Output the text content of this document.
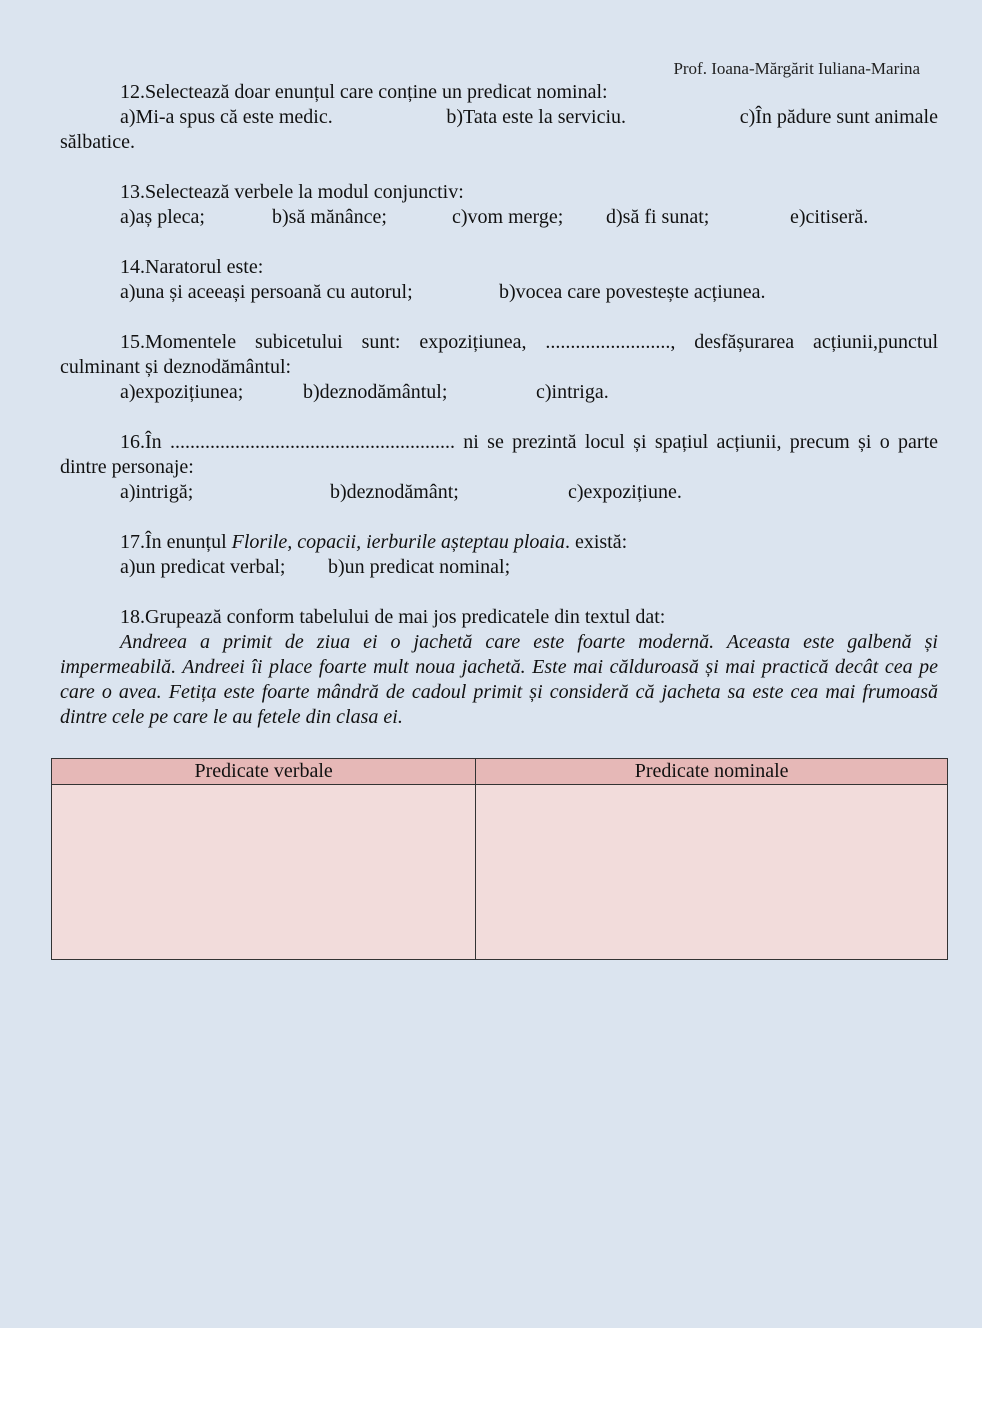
Prof. Ioana-Mărgărit Iuliana-Marina

12.Selectează doar enunțul care conține un predicat nominal:

a)Mi-a spus că este medic.	b)Tata este la serviciu.	c)În pădure sunt animale

sălbatice.

13.Selectează verbele la modul conjunctiv:

a)aș pleca;	b)să mănânce;	c)vom merge;	d)să fi sunat;	e)citiseră.

14.Naratorul este:

a)una și aceeași persoană cu autorul;	b)vocea care povestește acțiunea.

15.Momentele subicetului sunt: expozițiunea, ........................., desfășurarea acțiunii,punctul culminant și deznodământul:

a)expozițiunea;	b)deznodământul;	c)intriga.

16.În ......................................................... ni se prezintă locul și spațiul acțiunii, precum și o parte dintre personaje:

a)intrigă;	b)deznodământ;	c)expozițiune.

17.În enunțul Florile, copacii, ierburile așteptau ploaia. există:

a)un predicat verbal;	b)un predicat nominal;

18.Grupează conform tabelului de mai jos predicatele din textul dat:

Andreea a primit de ziua ei o jachetă care este foarte modernă. Aceasta este galbenă și impermeabilă. Andreei îi place foarte mult noua jachetă. Este mai călduroasă și mai practică decât cea pe care o avea. Fetița este foarte mândră de cadoul primit și consideră că jacheta sa este cea mai frumoasă dintre cele pe care le au fetele din clasa ei.

Predicate verbale	Predicate nominale
